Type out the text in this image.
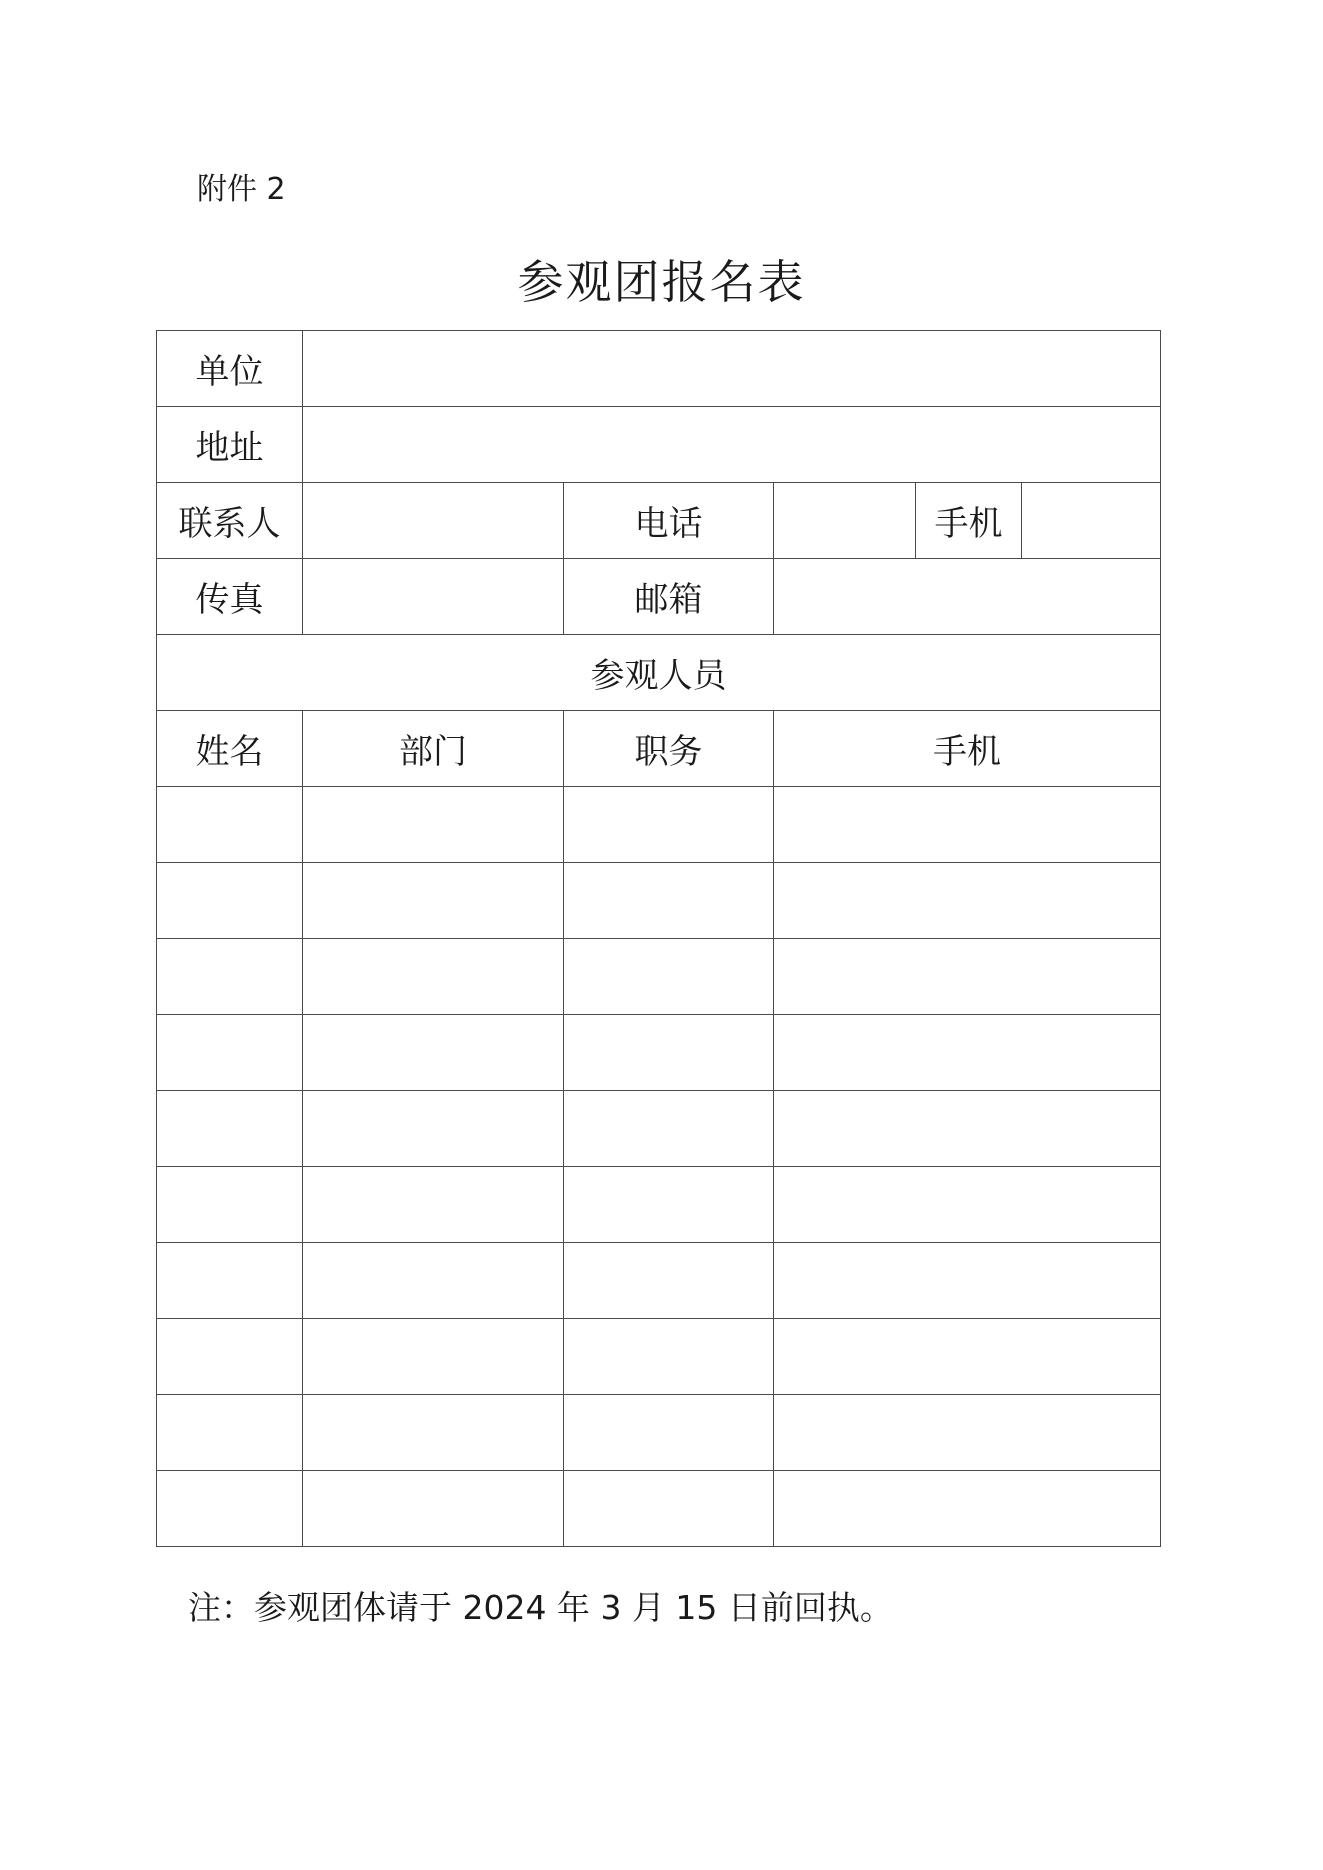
附件 2
参观团报名表
单位				
地址				
联系人		电话		手机

传真		邮箱		
参观人员				
姓名	部门	职务	手机	

注：参观团体请于 2024 年 3 月 15 日前回执。
